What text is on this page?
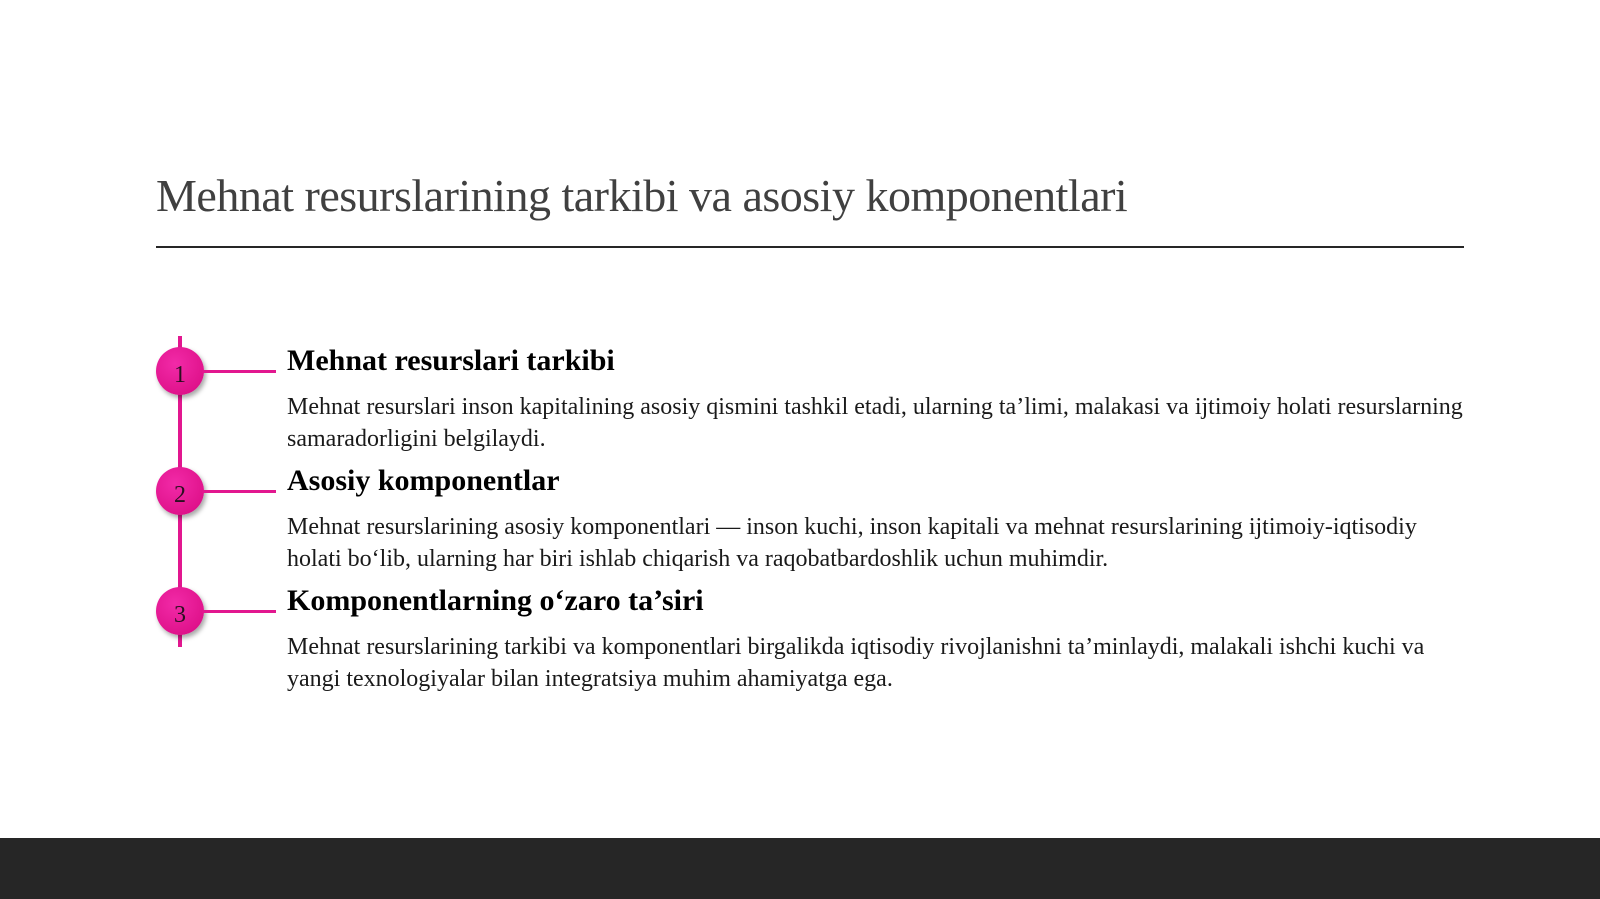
Mehnat resurslarining tarkibi va asosiy komponentlari
1	Mehnat resurslari tarkibi

Mehnat resurslari inson kapitalining asosiy qismini tashkil etadi, ularning ta’limi, malakasi va ijtimoiy holati resurslarning samaradorligini belgilaydi.

2	Asosiy komponentlar

Mehnat resurslarining asosiy komponentlari — inson kuchi, inson kapitali va mehnat resurslarining ijtimoiy-iqtisodiy holati bo‘lib, ularning har biri ishlab chiqarish va raqobatbardoshlik uchun muhimdir.

3	Komponentlarning o‘zaro ta’siri

Mehnat resurslarining tarkibi va komponentlari birgalikda iqtisodiy rivojlanishni ta’minlaydi, malakali ishchi kuchi va yangi texnologiyalar bilan integratsiya muhim ahamiyatga ega.
